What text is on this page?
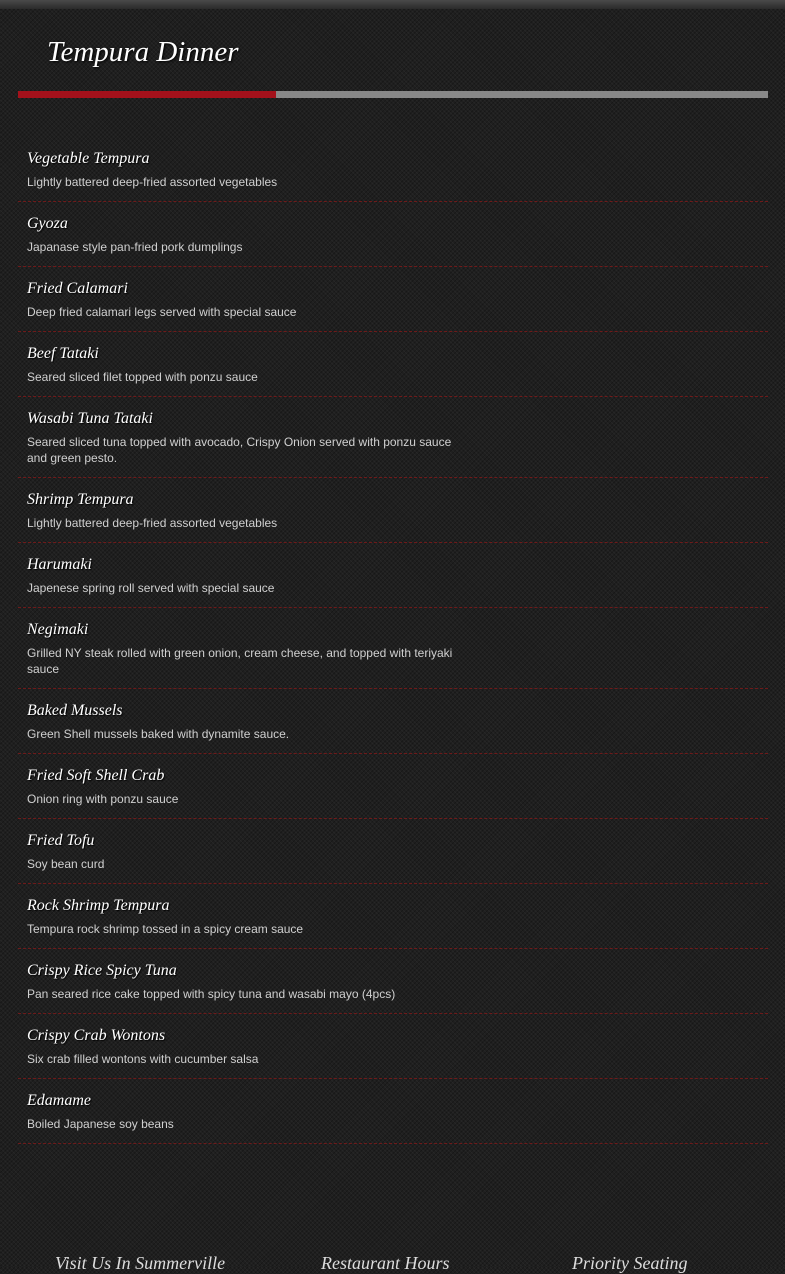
Tempura Dinner
Vegetable Tempura
Lightly battered deep-fried assorted vegetables
Gyoza
Japanase style pan-fried pork dumplings
Fried Calamari
Deep fried calamari legs served with special sauce
Beef Tataki
Seared sliced filet topped with ponzu sauce
Wasabi Tuna Tataki
Seared sliced tuna topped with avocado, Crispy Onion served with ponzu sauce and green pesto.
Shrimp Tempura
Lightly battered deep-fried assorted vegetables
Harumaki
Japenese spring roll served with special sauce
Negimaki
Grilled NY steak rolled with green onion, cream cheese, and topped with teriyaki sauce
Baked Mussels
Green Shell mussels baked with dynamite sauce.
Fried Soft Shell Crab
Onion ring with ponzu sauce
Fried Tofu
Soy bean curd
Rock Shrimp Tempura
Tempura rock shrimp tossed in a spicy cream sauce
Crispy Rice Spicy Tuna
Pan seared rice cake topped with spicy tuna and wasabi mayo (4pcs)
Crispy Crab Wontons
Six crab filled wontons with cucumber salsa
Edamame
Boiled Japanese soy beans
Visit Us In Summerville	Restaurant Hours	Priority Seating
